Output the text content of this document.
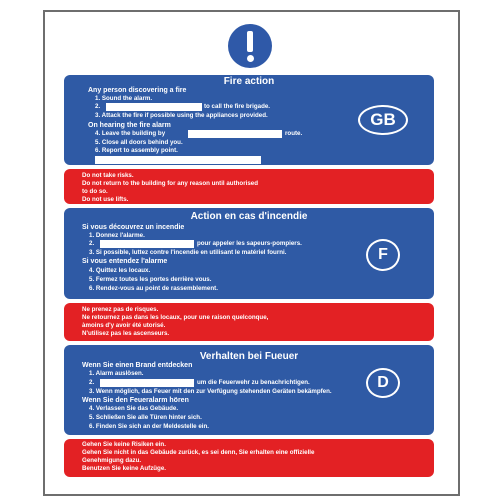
Fire action
Any person discovering a fire
1. Sound the alarm.
2.	to call the fire brigade.
3. Attack the fire if possible using the appliances provided.
On hearing the fire alarm
4. Leave the building by	route.
5. Close all doors behind you.
6. Report to assembly point.
GB
Do not take risks.
Do not return to the building for any reason until authorised
to do so.
Do not use lifts.
Action en cas d'incendie
Si vous découvrez un incendie
1. Donnez l'alarme.
2.	pour appeler les sapeurs-pompiers.
3. Si possible, luttez contre l'incendie en utilisant le matériel fourni.
Si vous entendez l'alarme
4. Quittez les locaux.
5. Fermez toutes les portes derrière vous.
6. Rendez-vous au point de rassemblement.
F
Ne prenez pas de risques.
Ne retournez pas dans les locaux, pour une raison quelconque,
àmoins d'y avoir été utorisé.
N'utilisez pas les ascenseurs.
Verhalten bei Fueuer
Wenn Sie einen Brand entdecken
1. Alarm auslösen.
2.	um die Feuerwehr zu benachrichtigen.
3. Wenn möglich, das Feuer mit den zur Verfügung stehenden Geräten bekämpfen.
Wenn Sie den Feueralarm hören
4. Verlassen Sie das Gebäude.
5. Schließen Sie alle Türen hinter sich.
6. Finden Sie sich an der Meldestelle ein.
D
Gehen Sie keine Risiken ein.
Gehen Sie nicht in das Gebäude zurück, es sei denn, Sie erhalten eine offizielle
Genehmigung dazu.
Benutzen Sie keine Aufzüge.
